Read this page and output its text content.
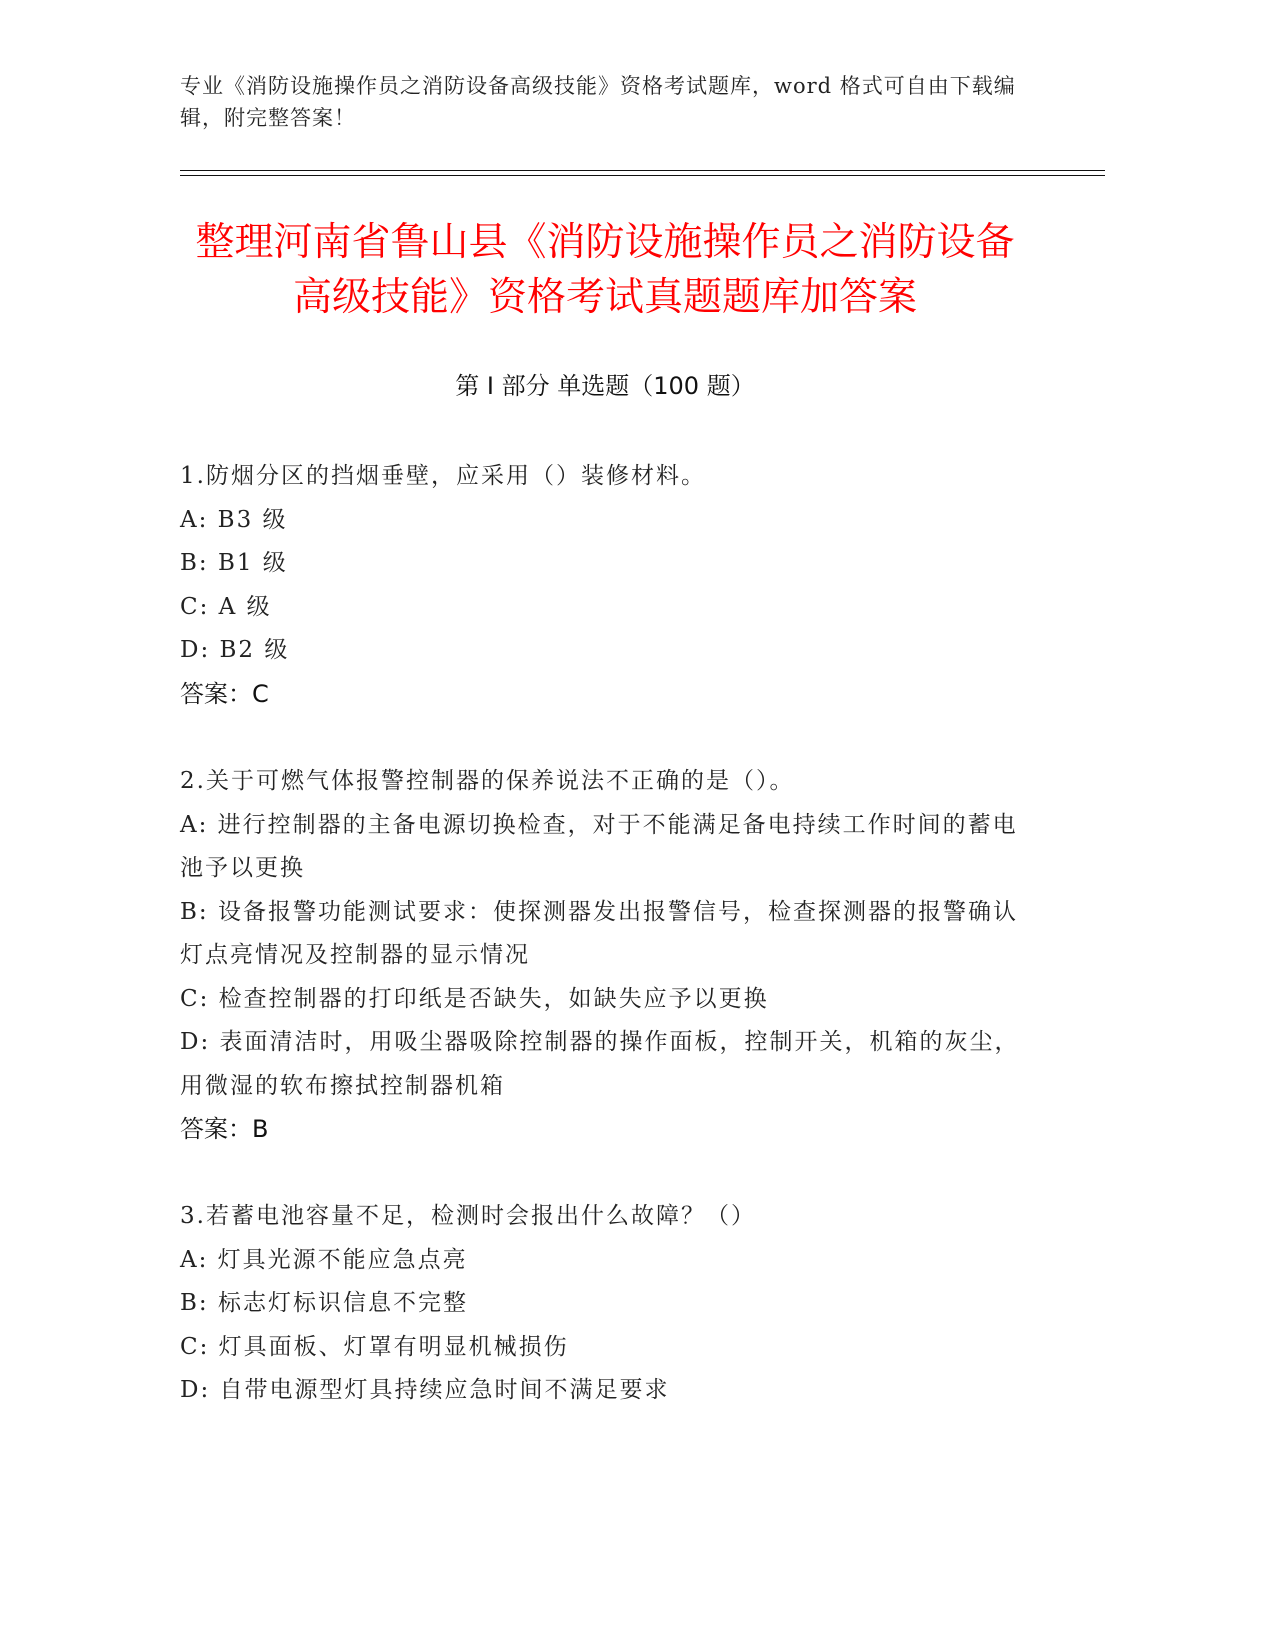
专业《消防设施操作员之消防设备高级技能》资格考试题库，word 格式可自由下载编辑，附完整答案！
整理河南省鲁山县《消防设施操作员之消防设备高级技能》资格考试真题题库加答案
第 I 部分 单选题（100 题）
1.防烟分区的挡烟垂壁，应采用（）装修材料。
A: B3 级
B: B1 级
C: A 级
D: B2 级
答案：C
2.关于可燃气体报警控制器的保养说法不正确的是（）。
A: 进行控制器的主备电源切换检查，对于不能满足备电持续工作时间的蓄电池予以更换
B: 设备报警功能测试要求：使探测器发出报警信号，检查探测器的报警确认灯点亮情况及控制器的显示情况
C: 检查控制器的打印纸是否缺失，如缺失应予以更换
D: 表面清洁时，用吸尘器吸除控制器的操作面板，控制开关，机箱的灰尘，用微湿的软布擦拭控制器机箱
答案：B
3.若蓄电池容量不足，检测时会报出什么故障？（）
A: 灯具光源不能应急点亮
B: 标志灯标识信息不完整
C: 灯具面板、灯罩有明显机械损伤
D: 自带电源型灯具持续应急时间不满足要求
